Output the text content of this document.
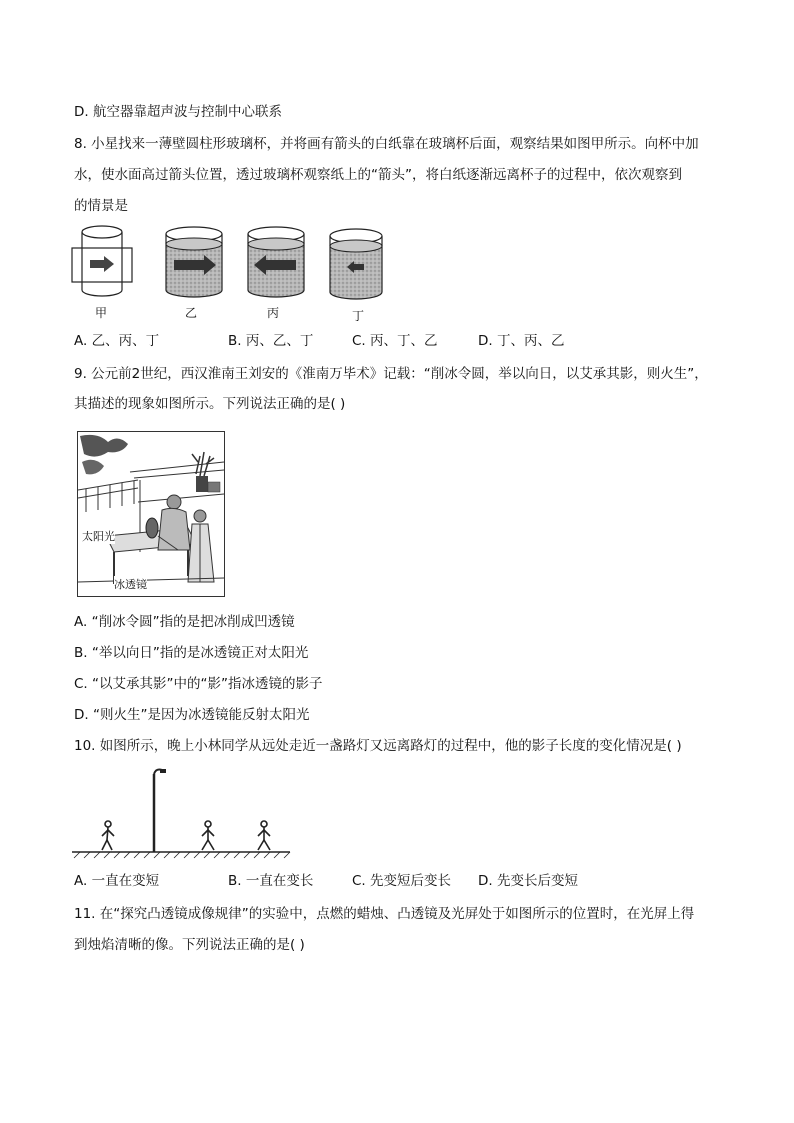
D. 航空器靠超声波与控制中心联系
8. 小星找来一薄壁圆柱形玻璃杯，并将画有箭头的白纸靠在玻璃杯后面，观察结果如图甲所示。向杯中加
水，使水面高过箭头位置，透过玻璃杯观察纸上的“箭头”，将白纸逐渐远离杯子的过程中，依次观察到
的情景是
甲	乙	丙	丁
A. 乙、丙、丁	B. 丙、乙、丁	C. 丙、丁、乙	D. 丁、丙、乙
9. 公元前2世纪，西汉淮南王刘安的《淮南万毕术》记载：“削冰令圆，举以向日，以艾承其影，则火生”，
其描述的现象如图所示。下列说法正确的是( )
太阳光
冰透镜
A. “削冰令圆”指的是把冰削成凹透镜
B. “举以向日”指的是冰透镜正对太阳光
C. “以艾承其影”中的“影”指冰透镜的影子
D. “则火生”是因为冰透镜能反射太阳光
10. 如图所示，晚上小林同学从远处走近一盏路灯又远离路灯的过程中，他的影子长度的变化情况是( )
A. 一直在变短	B. 一直在变长	C. 先变短后变长 D. 先变长后变短
11. 在“探究凸透镜成像规律”的实验中，点燃的蜡烛、凸透镜及光屏处于如图所示的位置时，在光屏上得
到烛焰清晰的像。下列说法正确的是( )
